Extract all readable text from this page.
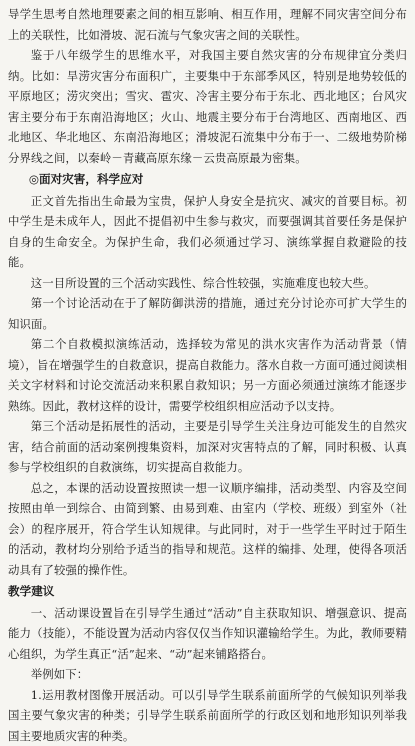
导学生思考自然地理要素之间的相互影响、相互作用，理解不同灾害空间分布上的关联性，比如滑坡、泥石流与气象灾害之间的关联性。

鉴于八年级学生的思维水平，对我国主要自然灾害的分布规律宜分类归纳。比如：旱涝灾害分布面积广，主要集中于东部季风区，特别是地势较低的平原地区；涝灾突出；雪灾、雹灾、冷害主要分布于东北、西北地区；台风灾害主要分布于东南沿海地区；火山、地震主要分布于台湾地区、西南地区、西北地区、华北地区、东南沿海地区；滑坡泥石流集中分布于一、二级地势阶梯分界线之间，以秦岭－青藏高原东缘－云贵高原最为密集。

◎面对灾害，科学应对

正文首先指出生命最为宝贵，保护人身安全是抗灾、减灾的首要目标。初中学生是未成年人，因此不提倡初中生参与救灾，而要强调其首要任务是保护自身的生命安全。为保护生命，我们必须通过学习、演练掌握自救避险的技能。

这一目所设置的三个活动实践性、综合性较强，实施难度也较大些。

第一个讨论活动在于了解防御洪涝的措施，通过充分讨论亦可扩大学生的知识面。

第二个自救模拟演练活动，选择较为常见的洪水灾害作为活动背景（情境），旨在增强学生的自救意识，提高自救能力。落水自救一方面可通过阅读相关文字材料和讨论交流活动来积累自救知识；另一方面必须通过演练才能逐步熟练。因此，教材这样的设计，需要学校组织相应活动予以支持。

第三个活动是拓展性的活动，主要是引导学生关注身边可能发生的自然灾害，结合前面的活动案例搜集资料，加深对灾害特点的了解，同时积极、认真参与学校组织的自救演练，切实提高自救能力。

总之，本课的活动设置按照读一想一议顺序编排，活动类型、内容及空间按照由单一到综合、由简到繁、由易到难、由室内（学校、班级）到室外（社会）的程序展开，符合学生认知规律。与此同时，对于一些学生平时过于陌生的活动，教材均分别给予适当的指导和规范。这样的编排、处理，使得各项活动具有了较强的操作性。

教学建议

一、活动课设置旨在引导学生通过“活动”自主获取知识、增强意识、提高能力（技能），不能设置为活动内容仅仅当作知识灌输给学生。为此，教师要精心组织，为学生真正“活”起来、“动”起来铺路搭台。

举例如下：

1.运用教材图像开展活动。可以引导学生联系前面所学的气候知识列举我国主要气象灾害的种类；引导学生联系前面所学的行政区划和地形知识列举我国主要地质灾害的种类。
